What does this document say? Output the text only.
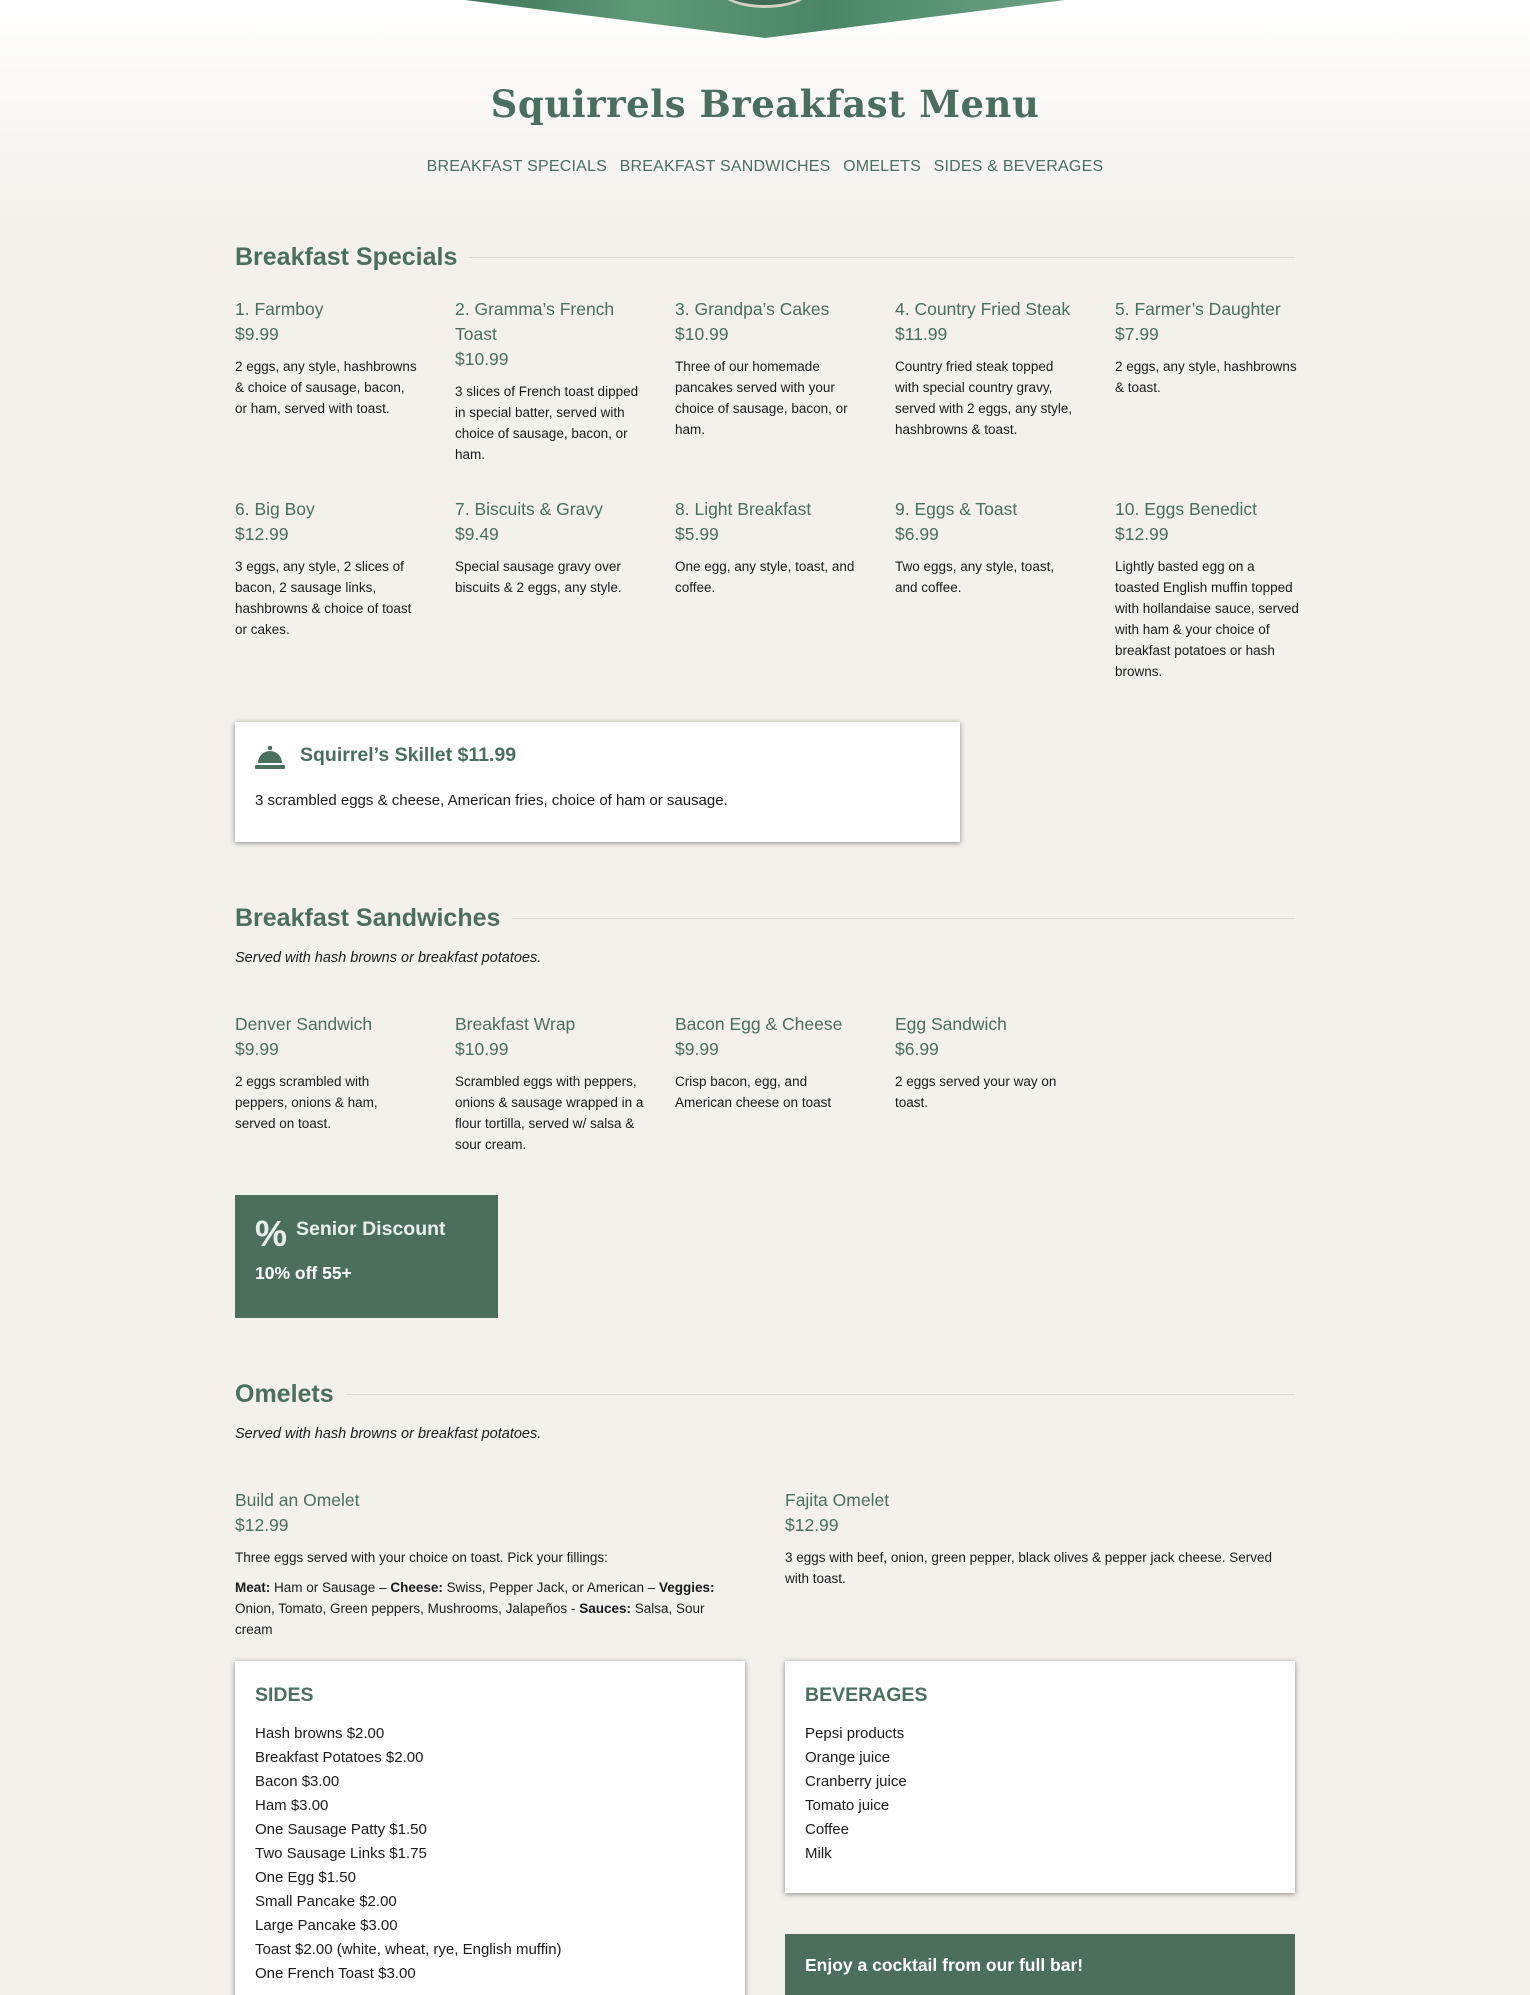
Squirrels Breakfast Menu
BREAKFAST SPECIALS BREAKFAST SANDWICHES OMELETS SIDES & BEVERAGES
Breakfast Specials
1. Farmboy
$9.99
2 eggs, any style, hashbrowns & choice of sausage, bacon, or ham, served with toast.
2. Gramma’s French Toast
$10.99
3 slices of French toast dipped in special batter, served with choice of sausage, bacon, or ham.
3. Grandpa’s Cakes
$10.99
Three of our homemade pancakes served with your choice of sausage, bacon, or ham.
4. Country Fried Steak
$11.99
Country fried steak topped with special country gravy, served with 2 eggs, any style, hashbrowns & toast.
5. Farmer’s Daughter
$7.99
2 eggs, any style, hashbrowns & toast.
6. Big Boy
$12.99
3 eggs, any style, 2 slices of bacon, 2 sausage links, hashbrowns & choice of toast or cakes.
7. Biscuits & Gravy
$9.49
Special sausage gravy over biscuits & 2 eggs, any style.
8. Light Breakfast
$5.99
One egg, any style, toast, and coffee.
9. Eggs & Toast
$6.99
Two eggs, any style, toast, and coffee.
10. Eggs Benedict
$12.99
Lightly basted egg on a toasted English muffin topped with hollandaise sauce, served with ham & your choice of breakfast potatoes or hash browns.
Squirrel’s Skillet $11.99
3 scrambled eggs & cheese, American fries, choice of ham or sausage.
Breakfast Sandwiches
Served with hash browns or breakfast potatoes.
Denver Sandwich
$9.99
2 eggs scrambled with peppers, onions & ham, served on toast.
Breakfast Wrap
$10.99
Scrambled eggs with peppers, onions & sausage wrapped in a flour tortilla, served w/ salsa & sour cream.
Bacon Egg & Cheese
$9.99
Crisp bacon, egg, and American cheese on toast
Egg Sandwich
$6.99
2 eggs served your way on toast.
% Senior Discount
10% off 55+
Omelets
Served with hash browns or breakfast potatoes.
Build an Omelet
$12.99
Three eggs served with your choice on toast. Pick your fillings:
Meat: Ham or Sausage – Cheese: Swiss, Pepper Jack, or American – Veggies: Onion, Tomato, Green peppers, Mushrooms, Jalapeños - Sauces: Salsa, Sour cream
Fajita Omelet
$12.99
3 eggs with beef, onion, green pepper, black olives & pepper jack cheese. Served with toast.
SIDES
Hash browns $2.00
Breakfast Potatoes $2.00
Bacon $3.00
Ham $3.00
One Sausage Patty $1.50
Two Sausage Links $1.75
One Egg $1.50
Small Pancake $2.00
Large Pancake $3.00
Toast $2.00 (white, wheat, rye, English muffin)
One French Toast $3.00
BEVERAGES
Pepsi products
Orange juice
Cranberry juice
Tomato juice
Coffee
Milk
Enjoy a cocktail from our full bar!
